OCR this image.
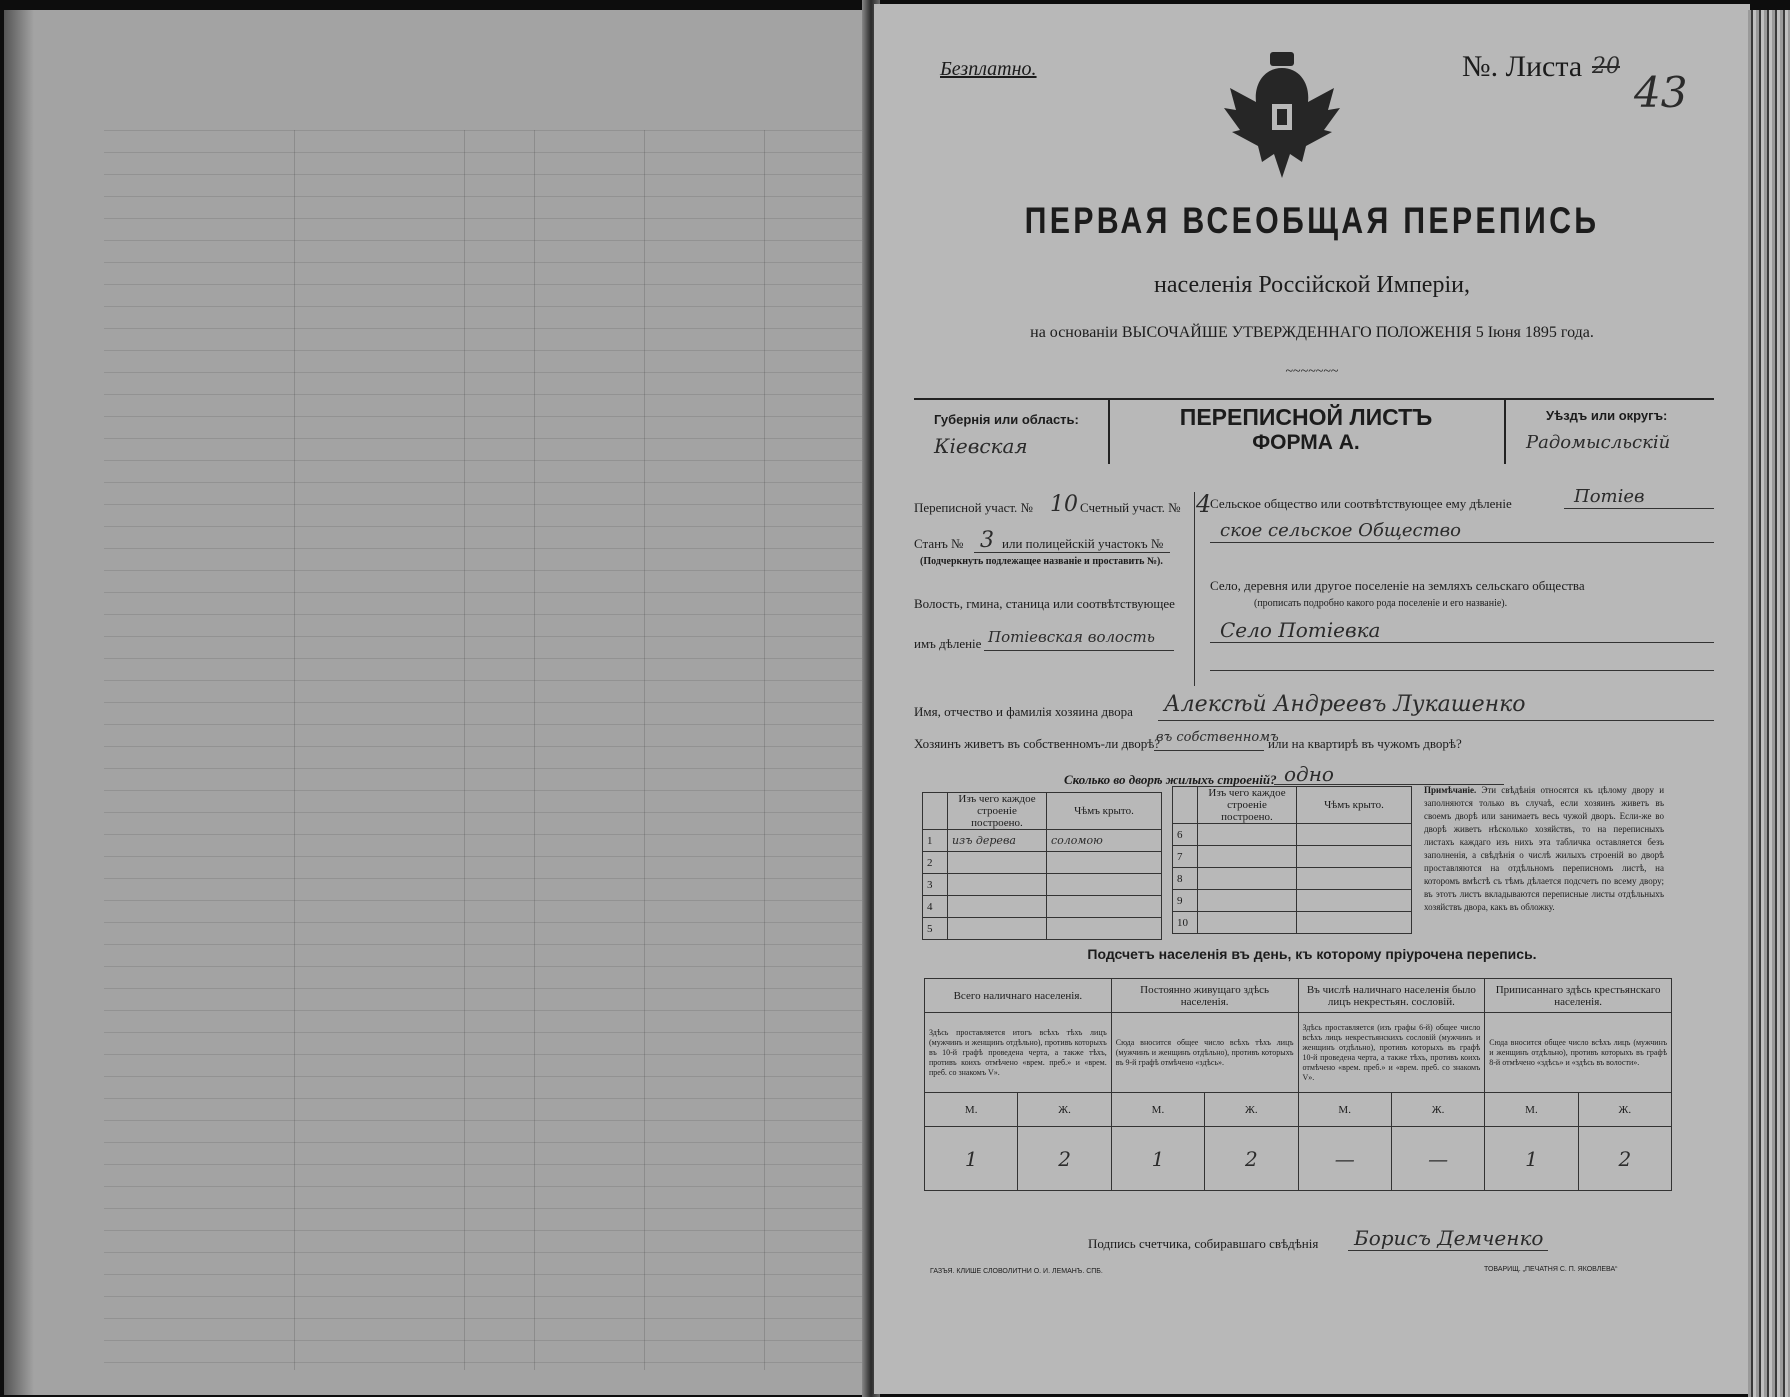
Безплатно.	№. Листа 20
43
ПЕРВАЯ ВСЕОБЩАЯ ПЕРЕПИСЬ
населенія Россійской Имперіи,
на основаніи ВЫСОЧАЙШЕ УТВЕРЖДЕННАГО ПОЛОЖЕНІЯ 5 Іюня 1895 года.
~~~~~~~
Губернія или область:
Кіевская
ПЕРЕПИСНОЙ ЛИСТЪ
ФОРМА А.
Уѣздъ или округъ:
Радомысльскій
Переписной участ. № 10 Счетный участ. № 4
Станъ № 3 или полицейскій участокъ №
(Подчеркнуть подлежащее названіе и проставить №).
Волость, гмина, станица или соотвѣтствующее
имъ дѣленіе Потіевская волость
Сельское общество или соотвѣтствующее ему дѣленіе	Потіев
ское сельское Общество
Село, деревня или другое поселеніе на земляхъ сельскаго общества
(прописать подробно какого рода поселеніе и его названіе).
Село Потіевка
Имя, отчество и фамилія хозяина двора Алексѣй Андреевъ Лукашенко
Хозяинъ живетъ въ собственномъ-ли дворѣ?
въ собственномъ
или на квартирѣ въ чужомъ дворѣ?
Сколько во дворѣ жилыхъ строеній? одно
	Изъ чего каждое строеніе построено.	Чѣмъ крыто.
1	изъ дерева	соломою
2		
3		
4		
5		
	Изъ чего каждое строеніе построено.	Чѣмъ крыто.
6		
7		
8		
9		
10		
Примѣчаніе. Эти свѣдѣнія относятся къ цѣлому двору и заполняются только въ случаѣ, если хозяинъ живетъ въ своемъ дворѣ или занимаетъ весь чужой дворъ. Если-же во дворѣ живетъ нѣсколько хозяйствъ, то на переписныхъ листахъ каждаго изъ нихъ эта табличка оставляется безъ заполненія, а свѣдѣнія о числѣ жилыхъ строеній во дворѣ проставляются на отдѣльномъ переписномъ листѣ, на которомъ вмѣстѣ съ тѣмъ дѣлается подсчетъ по всему двору; въ этотъ листъ вкладываются переписные листы отдѣльныхъ хозяйствъ двора, какъ въ обложку.
Подсчетъ населенія въ день, къ которому пріурочена перепись.
Всего наличнаго населенія.		Постоянно живущаго здѣсь населенія.		Въ числѣ наличнаго населенія было лицъ некрестьян. сословій.		Приписаннаго здѣсь крестьянскаго населенія.	
Здѣсь проставляется итогъ всѣхъ тѣхъ лицъ (мужчинъ и женщинъ отдѣльно), противъ которыхъ въ 10-й графѣ проведена черта, а также тѣхъ, противъ коихъ отмѣчено «врем. преб.» и «врем. преб. со знакомъ V».		Сюда вносится общее число всѣхъ тѣхъ лицъ (мужчинъ и женщинъ отдѣльно), противъ которыхъ въ 9-й графѣ отмѣчено «здѣсь».		Здѣсь проставляется (изъ графы 6-й) общее число всѣхъ лицъ некрестьянскихъ сословій (мужчинъ и женщинъ отдѣльно), противъ которыхъ въ графѣ 10-й проведена черта, а также тѣхъ, противъ коихъ отмѣчено «врем. преб.» и «врем. преб. со знакомъ V».		Сюда вносится общее число всѣхъ лицъ (мужчинъ и женщинъ отдѣльно), противъ которыхъ въ графѣ 8-й отмѣчено «здѣсь» и «здѣсь въ волости».	
М.	Ж.	М.	Ж.	М.	Ж.	М.	Ж.
1	2	1	2	—	—	1	2
Подпись счетчика, собиравшаго свѣдѣнія Борисъ Демченко
ГАЗЪЯ. КЛИШЕ СЛОВОЛИТНИ О. И. ЛЕМАНЪ. СПБ.	ТОВАРИЩ. „ПЕЧАТНЯ С. П. ЯКОВЛЕВА“
